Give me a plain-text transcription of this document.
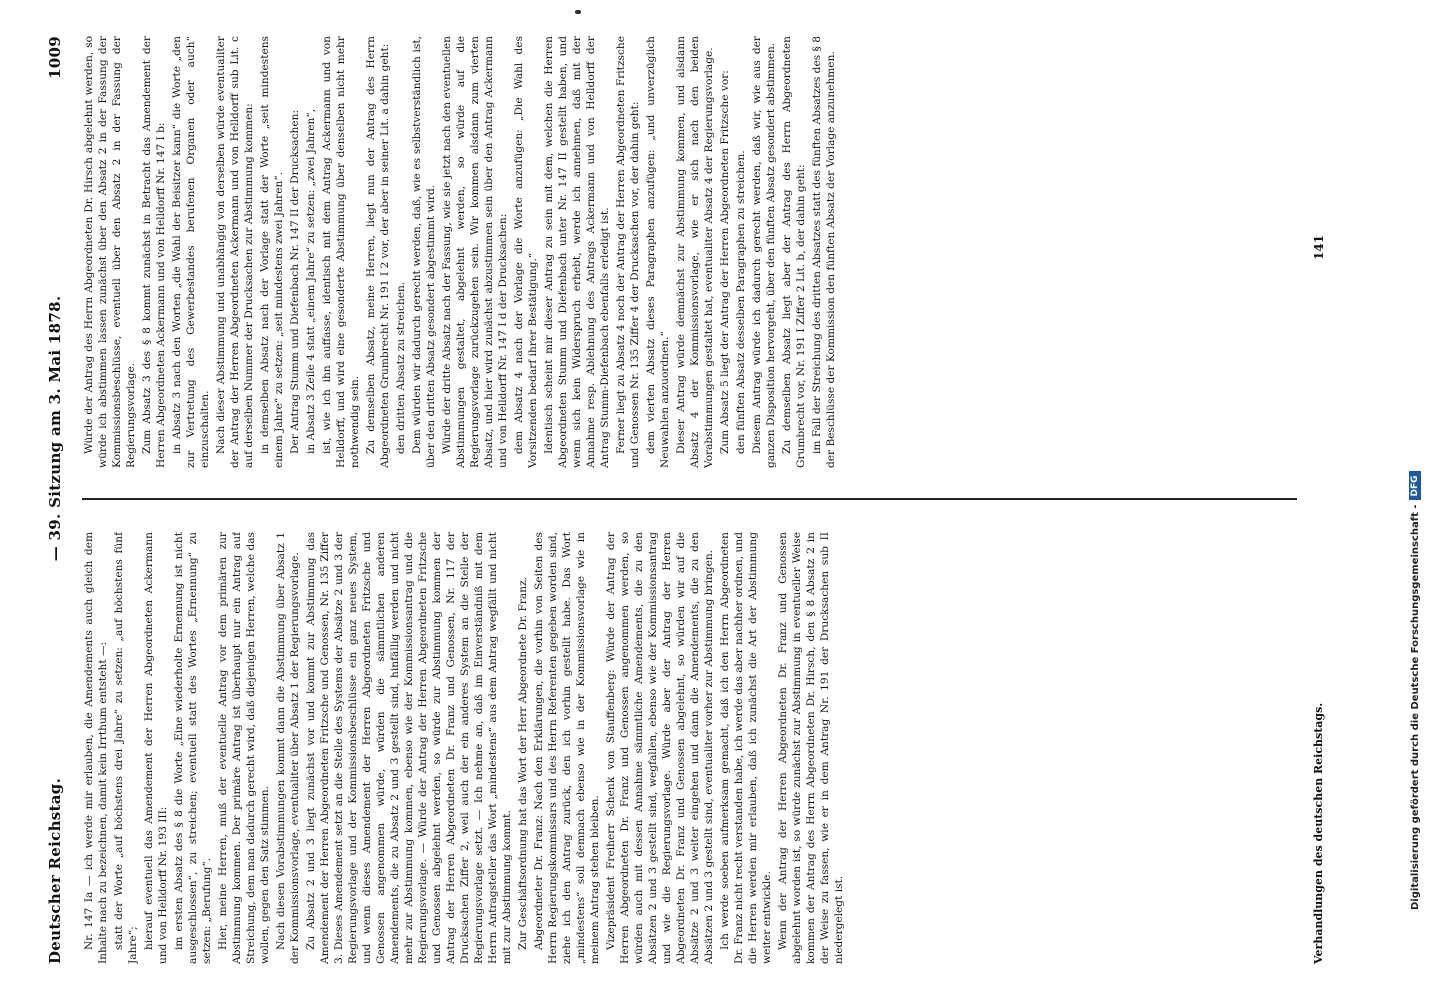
Deutscher Reichstag.
— 39. Sitzung am 3. Mai 1878.
1009

Nr. 147 Ia — ich werde mir erlauben, die Amendements auch gleich dem Inhalte nach zu bezeichnen, damit kein Irrthum entsteht —: statt der Worte „auf höchstens drei Jahre“ zu setzen: „auf höchstens fünf Jahre“; hierauf eventuell das Amendement der Herren Abgeordneten Ackermann und von Helldorff Nr. 193 III: im ersten Absatz des § 8 die Worte „Eine wiederholte Ernennung ist nicht ausgeschlossen“, zu streichen; eventuell statt des Wortes „Ernennung“ zu setzen: „Berufung“. Hier, meine Herren, muß der eventuelle Antrag vor dem primären zur Abstimmung kommen. Der primäre Antrag ist überhaupt nur ein Antrag auf Streichung, dem man dadurch gerecht wird, daß diejenigen Herren, welche das wollen, gegen den Satz stimmen. Nach diesen Vorabstimmungen kommt dann die Abstimmung über Absatz 1 der Kommissionsvorlage, eventualiter über Absatz 1 der Regierungsvorlage. Zu Absatz 2 und 3 liegt zunächst vor und kommt zur Abstimmung das Amendement der Herren Abgeordneten Fritzsche und Genossen, Nr. 135 Ziffer 3. Dieses Amendement setzt an die Stelle des Systems der Absätze 2 und 3 der Regierungsvorlage und der Kommissionsbeschlüsse ein ganz neues System, und wenn dieses Amendement der Herren Abgeordneten Fritzsche und Genossen angenommen würde, würden die sämmtlichen anderen Amendements, die zu Absatz 2 und 3 gestellt sind, hinfällig werden und nicht mehr zur Abstimmung kommen, ebenso wie der Kommissionsantrag und die Regierungsvorlage. — Würde der Antrag der Herren Abgeordneten Fritzsche und Genossen abgelehnt werden, so würde zur Abstimmung kommen der Antrag der Herren Abgeordneten Dr. Franz und Genossen, Nr. 117 der Drucksachen Ziffer 2, weil auch der ein anderes System an die Stelle der Regierungsvorlage setzt. — Ich nehme an, daß im Einverständniß mit dem Herrn Antragsteller das Wort „mindestens“ aus dem Antrag wegfällt und nicht mit zur Abstimmung kommt. Zur Geschäftsordnung hat das Wort der Herr Abgeordnete Dr. Franz. Abgeordneter Dr. Franz: Nach den Erklärungen, die vorhin von Seiten des Herrn Regierungskommissars und des Herrn Referenten gegeben worden sind, ziehe ich den Antrag zurück, den ich vorhin gestellt habe. Das Wort „mindestens“ soll demnach ebenso wie in der Kommissionsvorlage wie in meinem Antrag stehen bleiben. Vizepräsident Freiherr Schenk von Stauffenberg: Würde der Antrag der Herren Abgeordneten Dr. Franz und Genossen angenommen werden, so würden auch mit dessen Annahme sämmtliche Amendements, die zu den Absätzen 2 und 3 gestellt sind, wegfallen, ebenso wie der Kommissionsantrag und wie die Regierungsvorlage. Würde aber der Antrag der Herren Abgeordneten Dr. Franz und Genossen abgelehnt, so würden wir auf die Absätze 2 und 3 weiter eingehen und dann die Amendements, die zu den Absätzen 2 und 3 gestellt sind, eventualiter vorher zur Abstimmung bringen. Ich werde soeben aufmerksam gemacht, daß ich den Herrn Abgeordneten Dr. Franz nicht recht verstanden habe, ich werde das aber nachher ordnen, und die Herren werden mir erlauben, daß ich zunächst die Art der Abstimmung weiter entwickle. Wenn der Antrag der Herren Abgeordneten Dr. Franz und Genossen abgelehnt worden ist, so würde zunächst zur Abstimmung in eventueller Weise kommen der Antrag des Herrn Abgeordneten Dr. Hirsch, den § 8 Absatz 2 in der Weise zu fassen, wie er in dem Antrag Nr. 191 der Drucksachen sub II niedergelegt ist.

Würde der Antrag des Herrn Abgeordneten Dr. Hirsch abgelehnt werden, so würde ich abstimmen lassen zunächst über den Absatz 2 in der Fassung der Kommissionsbeschlüsse, eventuell über den Absatz 2 in der Fassung der Regierungsvorlage. Zum Absatz 3 des § 8 kommt zunächst in Betracht das Amendement der Herren Abgeordneten Ackermann und von Helldorff Nr. 147 I b: in Absatz 3 nach den Worten „die Wahl der Beisitzer kann“ die Worte „den zur Vertretung des Gewerbestandes berufenen Organen oder auch“ einzuschalten. Nach dieser Abstimmung und unabhängig von derselben würde eventualiter der Antrag der Herren Abgeordneten Ackermann und von Helldorff sub Lit. c auf derselben Nummer der Drucksachen zur Abstimmung kommen: in demselben Absatz nach der Vorlage statt der Worte „seit mindestens einem Jahre“ zu setzen: „seit mindestens zwei Jahren“. Der Antrag Stumm und Diefenbach Nr. 147 II der Drucksachen: in Absatz 3 Zeile 4 statt „einem Jahre“ zu setzen: „zwei Jahren“, ist, wie ich ihn auffasse, identisch mit dem Antrag Ackermann und von Helldorff, und wird eine gesonderte Abstimmung über denselben nicht mehr nothwendig sein. Zu demselben Absatz, meine Herren, liegt nun der Antrag des Herrn Abgeordneten Grumbrecht Nr. 191 I 2 vor, der aber in seiner Lit. a dahin geht: den dritten Absatz zu streichen. Dem würden wir dadurch gerecht werden, daß, wie es selbstverständlich ist, über den dritten Absatz gesondert abgestimmt wird. Würde der dritte Absatz nach der Fassung, wie sie jetzt nach den eventuellen Abstimmungen gestaltet, abgelehnt werden, so würde auf die Regierungsvorlage zurückzugehen sein. Wir kommen alsdann zum vierten Absatz, und hier wird zunächst abzustimmen sein über den Antrag Ackermann und von Helldorff Nr. 147 I d der Drucksachen: dem Absatz 4 nach der Vorlage die Worte anzufügen: „Die Wahl des Vorsitzenden bedarf ihrer Bestätigung.“ Identisch scheint mir dieser Antrag zu sein mit dem, welchen die Herren Abgeordneten Stumm und Diefenbach unter Nr. 147 II gestellt haben, und wenn sich kein Widerspruch erhebt, werde ich annehmen, daß mit der Annahme resp. Ablehnung des Antrags Ackermann und von Helldorff der Antrag Stumm-Diefenbach ebenfalls erledigt ist. Ferner liegt zu Absatz 4 noch der Antrag der Herren Abgeordneten Fritzsche und Genossen Nr. 135 Ziffer 4 der Drucksachen vor, der dahin geht: dem vierten Absatz dieses Paragraphen anzufügen: „und unverzüglich Neuwahlen anzuordnen.“ Dieser Antrag würde demnächst zur Abstimmung kommen, und alsdann Absatz 4 der Kommissionsvorlage, wie er sich nach den beiden Vorabstimmungen gestaltet hat, eventualiter Absatz 4 der Regierungsvorlage. Zum Absatz 5 liegt der Antrag der Herren Abgeordneten Fritzsche vor: den fünften Absatz desselben Paragraphen zu streichen. Diesem Antrag würde ich dadurch gerecht werden, daß wir, wie aus der ganzen Disposition hervorgeht, über den fünften Absatz gesondert abstimmen. Zu demselben Absatz liegt aber der Antrag des Herrn Abgeordneten Grumbrecht vor, Nr. 191 I Ziffer 2 Lit. b, der dahin geht: im Fall der Streichung des dritten Absatzes statt des fünften Absatzes des § 8 der Beschlüsse der Kommission den fünften Absatz der Vorlage anzunehmen.

Verhandlungen des deutschen Reichstags.
141
Digitalisierung gefördert durch die Deutsche Forschungsgemeinschaft -
DFG
